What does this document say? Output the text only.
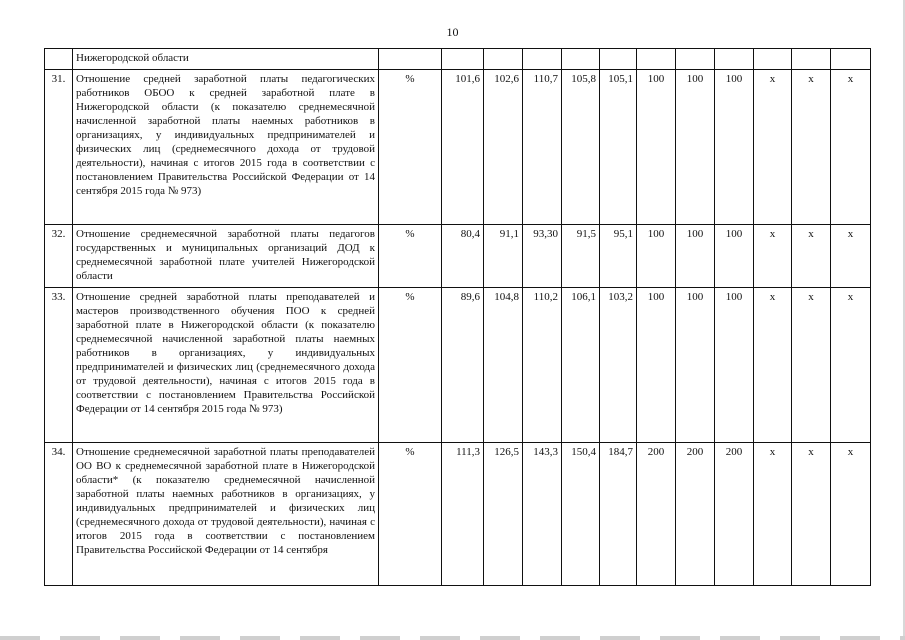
10
	Нижегородской области												
31.	Отношение средней заработной платы педагогических работников ОБОО к средней заработной плате в Нижегородской области (к показателю среднемесячной начисленной заработной платы наемных работников в организациях, у индивидуальных предпринимателей и физических лиц (среднемесячного дохода от трудовой деятельности), начиная с итогов 2015 года в соответствии с постановлением Правительства Российской Федерации от 14 сентября 2015 года № 973)	%	101,6	102,6	110,7	105,8	105,1	100	100	100	х	х	х
32.	Отношение среднемесячной заработной платы педагогов государственных и муниципальных организаций ДОД к среднемесячной заработной плате учителей Нижегородской области	%	80,4	91,1	93,30	91,5	95,1	100	100	100	х	х	х
33.	Отношение средней заработной платы преподавателей и мастеров производственного обучения ПОО к средней заработной плате в Нижегородской области (к показателю среднемесячной начисленной заработной платы наемных работников в организациях, у индивидуальных предпринимателей и физических лиц (среднемесячного дохода от трудовой деятельности), начиная с итогов 2015 года в соответствии с постановлением Правительства Российской Федерации от 14 сентября 2015 года № 973)	%	89,6	104,8	110,2	106,1	103,2	100	100	100	х	х	х
34.	Отношение среднемесячной заработной платы преподавателей ОО ВО к среднемесячной заработной плате в Нижегородской области* (к показателю среднемесячной начисленной заработной платы наемных работников в организациях, у индивидуальных предпринимателей и физических лиц (среднемесячного дохода от трудовой деятельности), начиная с итогов 2015 года в соответствии с постановлением Правительства Российской Федерации от 14 сентября	%	111,3	126,5	143,3	150,4	184,7	200	200	200	х	х	х
